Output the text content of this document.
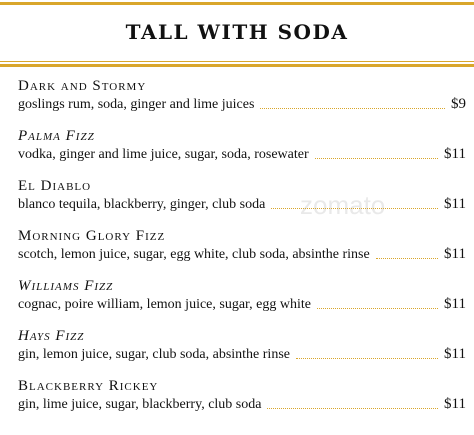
TALL WITH SODA
zomato
Dark and Stormy
goslings rum, soda, ginger and lime juices	$9
Palma Fizz
vodka, ginger and lime juice, sugar, soda, rosewater	$11
El Diablo
blanco tequila, blackberry, ginger, club soda	$11
Morning Glory Fizz
scotch, lemon juice, sugar, egg white, club soda, absinthe rinse	$11
Williams Fizz
cognac, poire william, lemon juice, sugar, egg white	$11
Hays Fizz
gin, lemon juice, sugar, club soda, absinthe rinse	$11
Blackberry Rickey
gin, lime juice, sugar, blackberry, club soda	$11
